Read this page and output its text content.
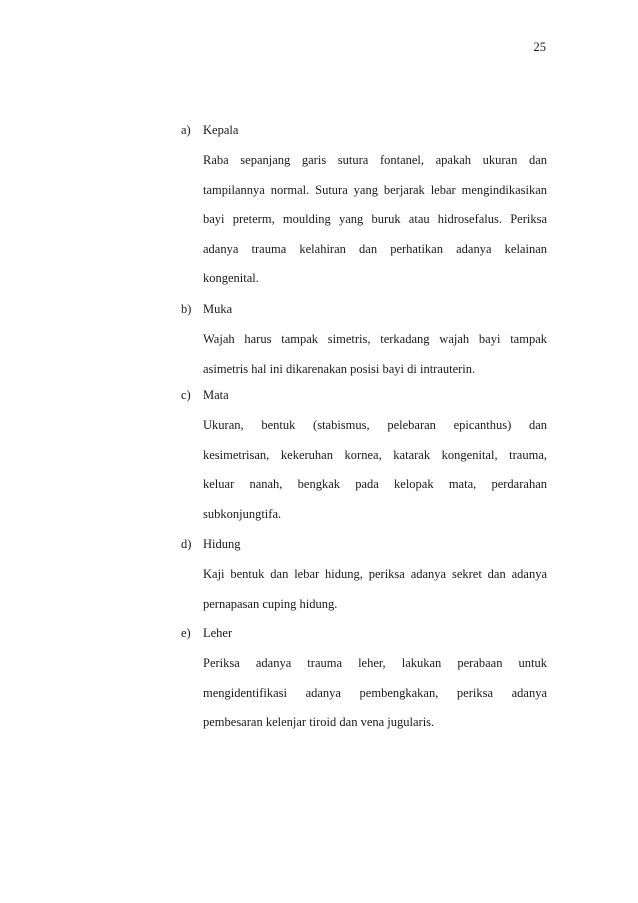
25
a) Kepala
Raba sepanjang garis sutura fontanel, apakah ukuran dan
tampilannya normal. Sutura yang berjarak lebar mengindikasikan
bayi preterm, moulding yang buruk atau hidrosefalus. Periksa
adanya trauma kelahiran dan perhatikan adanya kelainan
kongenital.
b) Muka
Wajah harus tampak simetris, terkadang wajah bayi tampak
asimetris hal ini dikarenakan posisi bayi di intrauterin.
c) Mata
Ukuran, bentuk (stabismus, pelebaran epicanthus) dan
kesimetrisan, kekeruhan kornea, katarak kongenital, trauma,
keluar nanah, bengkak pada kelopak mata, perdarahan
subkonjungtifa.
d) Hidung
Kaji bentuk dan lebar hidung, periksa adanya sekret dan adanya
pernapasan cuping hidung.
e) Leher
Periksa adanya trauma leher, lakukan perabaan untuk
mengidentifikasi adanya pembengkakan, periksa adanya
pembesaran kelenjar tiroid dan vena jugularis.
